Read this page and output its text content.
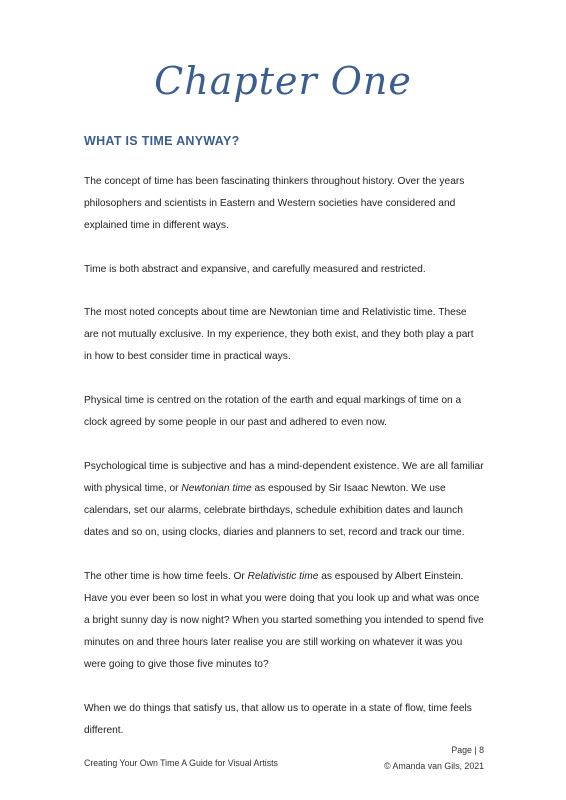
Chapter One
WHAT IS TIME ANYWAY?

The concept of time has been fascinating thinkers throughout history. Over the years philosophers and scientists in Eastern and Western societies have considered and explained time in different ways.

Time is both abstract and expansive, and carefully measured and restricted.

The most noted concepts about time are Newtonian time and Relativistic time. These are not mutually exclusive. In my experience, they both exist, and they both play a part in how to best consider time in practical ways.

Physical time is centred on the rotation of the earth and equal markings of time on a clock agreed by some people in our past and adhered to even now.

Psychological time is subjective and has a mind-dependent existence. We are all familiar with physical time, or Newtonian time as espoused by Sir Isaac Newton. We use calendars, set our alarms, celebrate birthdays, schedule exhibition dates and launch dates and so on, using clocks, diaries and planners to set, record and track our time.

The other time is how time feels. Or Relativistic time as espoused by Albert Einstein. Have you ever been so lost in what you were doing that you look up and what was once a bright sunny day is now night? When you started something you intended to spend five minutes on and three hours later realise you are still working on whatever it was you were going to give those five minutes to?

When we do things that satisfy us, that allow us to operate in a state of flow, time feels different.

Creating Your Own Time A Guide for Visual Artists
Page | 8
© Amanda van Gils, 2021
